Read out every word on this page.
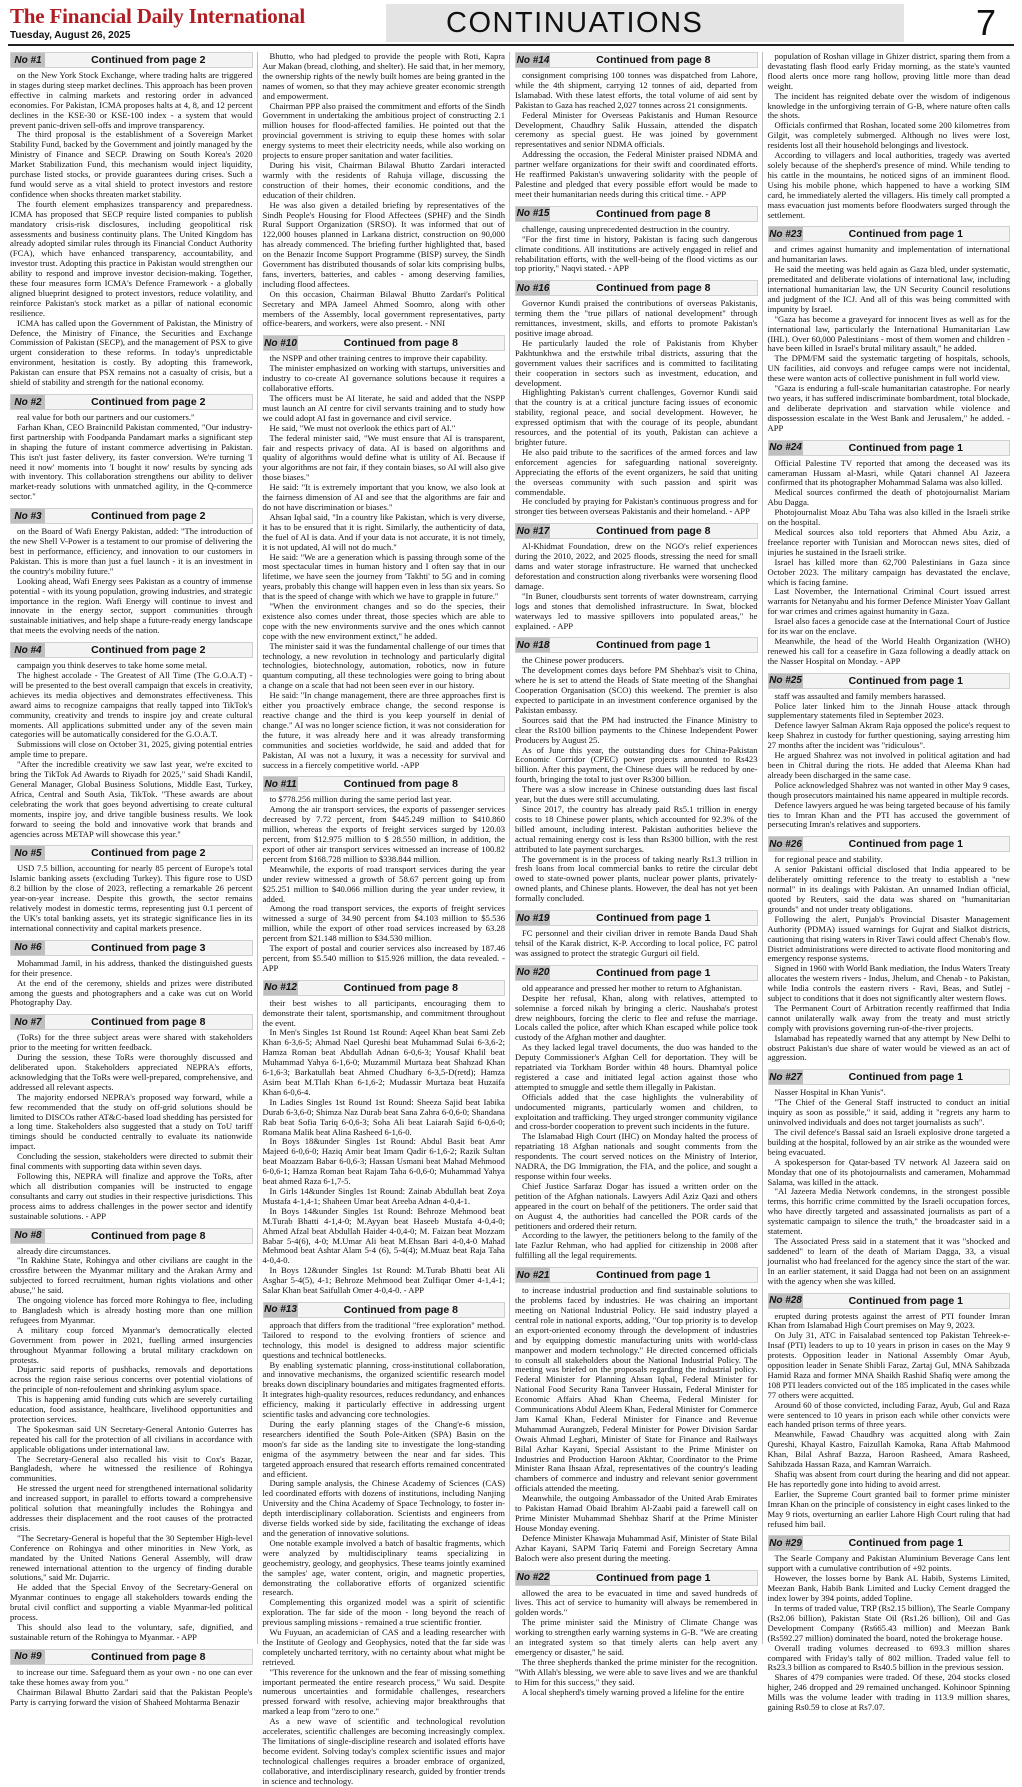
The Financial Daily International
Tuesday, August 26, 2025	CONTINUATIONS	7
No #1	Continued from page 2

on the New York Stock Exchange, where trading halts are triggered in stages during steep market declines. This approach has been proven effective in calming markets and restoring order in advanced economies. For Pakistan, ICMA proposes halts at 4, 8, and 12 percent declines in the KSE-30 or KSE-100 index - a system that would prevent panic-driven sell-offs and improve transparency.

The third proposal is the establishment of a Sovereign Market Stability Fund, backed by the Government and jointly managed by the Ministry of Finance and SECP. Drawing on South Korea's 2020 Market Stabilization Fund, this mechanism would inject liquidity, purchase listed stocks, or provide guarantees during crises. Such a fund would serve as a vital shield to protect investors and restore confidence when shocks threaten market stability.

The fourth element emphasizes transparency and preparedness. ICMA has proposed that SECP require listed companies to publish mandatory crisis-risk disclosures, including geopolitical risk assessments and business continuity plans. The United Kingdom has already adopted similar rules through its Financial Conduct Authority (FCA), which have enhanced transparency, accountability, and investor trust. Adopting this practice in Pakistan would strengthen our ability to respond and improve investor decision-making. Together, these four measures form ICMA's Defence Framework - a globally aligned blueprint designed to protect investors, reduce volatility, and reinforce Pakistan's stock market as a pillar of national economic resilience.

ICMA has called upon the Government of Pakistan, the Ministry of Defence, the Ministry of Finance, the Securities and Exchange Commission of Pakistan (SECP), and the management of PSX to give urgent consideration to these reforms. In today's unpredictable environment, hesitation is costly. By adopting this framework, Pakistan can ensure that PSX remains not a casualty of crisis, but a shield of stability and strength for the national economy.

No #2	Continued from page 2

real value for both our partners and our customers."

Farhan Khan, CEO Braincnild Pakistan commented, "Our industry-first partnership with Foodpanda Pandamart marks a significant step in shaping the future of instant commerce advertising in Pakistan. This isn't just faster delivery, its faster conversion. We're turning 'I need it now' moments into 'I bought it now' results by syncing ads with inventory. This collaboration strengthens our ability to deliver market-ready solutions with unmatched agility, in the Q-commerce sector."

No #3	Continued from page 2

on the Board of Wafi Energy Pakistan, added: "The introduction of the new Shell V-Power is a testament to our promise of delivering the best in performance, efficiency, and innovation to our customers in Pakistan. This is more than just a fuel launch - it is an investment in the country's mobility future."

Looking ahead, Wafi Energy sees Pakistan as a country of immense potential - with its young population, growing industries, and strategic importance in the region. Wafi Energy will continue to invest and innovate in the energy sector, support communities through sustainable initiatives, and help shape a future-ready energy landscape that meets the evolving needs of the nation.

No #4	Continued from page 2

campaign you think deserves to take home some metal.

The highest accolade - The Greatest of All Time (The G.O.A.T) - will be presented to the best overall campaign that excels in creativity, achieves its media objectives and demonstrates effectiveness. This award aims to recognize campaigns that really tapped into TikTok's community, creativity and trends to inspire joy and create cultural moments. All applications submitted under any of the seven main categories will be automatically considered for the G.O.A.T.

Submissions will close on October 31, 2025, giving potential entries ample time to prepare.

"After the incredible creativity we saw last year, we're excited to bring the TikTok Ad Awards to Riyadh for 2025," said Shadi Kandil, General Manager, Global Business Solutions, Middle East, Turkey, Africa, Central and South Asia, TikTok. "These awards are about celebrating the work that goes beyond advertising to create cultural moments, inspire joy, and drive tangible business results. We look forward to seeing the bold and innovative work that brands and agencies across METAP will showcase this year."

No #5	Continued from page 2

USD 7.5 billion, accounting for nearly 85 percent of Europe's total Islamic banking assets (excluding Turkey). This figure rose to USD 8.2 billion by the close of 2023, reflecting a remarkable 26 percent year-on-year increase. Despite this growth, the sector remains relatively modest in domestic terms, representing just 0.1 percent of the UK's total banking assets, yet its strategic significance lies in its international connectivity and capital markets presence.

No #6	Continued from page 3

Mohammad Jamil, in his address, thanked the distinguished guests for their presence.

At the end of the ceremony, shields and prizes were distributed among the guests and photographers and a cake was cut on World Photography Day.

No #7	Continued from page 8

(ToRs) for the three subject areas were shared with stakeholders prior to the meeting for written feedback.

During the session, these ToRs were thoroughly discussed and deliberated upon. Stakeholders appreciated NEPRA's efforts, acknowledging that the ToRs were well-prepared, comprehensive, and addressed all relevant aspects.

The majority endorsed NEPRA's proposed way forward, while a few recommended that the study on off-grid solutions should be limited to DISCOs rather AT&C-based load shedding has persisted for a long time. Stakeholders also suggested that a study on ToU tariff timings should be conducted centrally to evaluate its nationwide impact.

Concluding the session, stakeholders were directed to submit their final comments with supporting data within seven days.

Following this, NEPRA will finalize and approve the ToRs, after which all distribution companies will be instructed to engage consultants and carry out studies in their respective jurisdictions. This process aims to address challenges in the power sector and identify sustainable solutions. - APP

No #8	Continued from page 8

already dire circumstances.

"In Rakhine State, Rohingya and other civilians are caught in the crossfire between the Myanmar military and the Arakan Army and subjected to forced recruitment, human rights violations and other abuse," he said.

The ongoing violence has forced more Rohingya to flee, including to Bangladesh which is already hosting more than one million refugees from Myanmar.

A military coup forced Myanmar's democratically elected Government from power in 2021, fuelling armed insurgencies throughout Myanmar following a brutal military crackdown on protests.

Dujarric said reports of pushbacks, removals and deportations across the region raise serious concerns over potential violations of the principle of non-refoulement and shrinking asylum space.

This is happening amid funding cuts which are severely curtailing education, food assistance, healthcare, livelihood opportunities and protection services.

The Spokesman said UN Secretary-General Antonio Guterres has repeated his call for the protection of all civilians in accordance with applicable obligations under international law.

The Secretary-General also recalled his visit to Cox's Bazar, Bangladesh, where he witnessed the resilience of Rohingya communities.

He stressed the urgent need for strengthened international solidarity and increased support, in parallel to efforts toward a comprehensive political solution that meaningfully includes the Rohingya and addresses their displacement and the root causes of the protracted crisis.

"The Secretary-General is hopeful that the 30 September High-level Conference on Rohingya and other minorities in New York, as mandated by the United Nations General Assembly, will draw renewed international attention to the urgency of finding durable solutions," said Mr. Dujarric.

He added that the Special Envoy of the Secretary-General on Myanmar continues to engage all stakeholders towards ending the brutal civil conflict and supporting a viable Myanmar-led political process.

This should also lead to the voluntary, safe, dignified, and sustainable return of the Rohingya to Myanmar. - APP

No #9	Continued from page 8

to increase our time. Safeguard them as your own - no one can ever take these homes away from you."

Chairman Bilawal Bhutto Zardari said that the Pakistan People's Party is carrying forward the vision of Shaheed Mohtarma Benazir

Bhutto, who had pledged to provide the people with Roti, Kapra Aur Makan (bread, clothing, and shelter). He said that, in her memory, the ownership rights of the newly built homes are being granted in the names of women, so that they may achieve greater economic strength and empowerment.

Chairman PPP also praised the commitment and efforts of the Sindh Government in undertaking the ambitious project of constructing 2.1 million houses for flood-affected families. He pointed out that the provincial government is striving to equip these homes with solar energy systems to meet their electricity needs, while also working on projects to ensure proper sanitation and water facilities.

During his visit, Chairman Bilawal Bhutto Zardari interacted warmly with the residents of Rahuja village, discussing the construction of their homes, their economic conditions, and the education of their children.

He was also given a detailed briefing by representatives of the Sindh People's Housing for Flood Affectees (SPHF) and the Sindh Rural Support Organization (SRSO). It was informed that out of 122,000 houses planned in Larkana district, construction on 90,000 has already commenced. The briefing further highlighted that, based on the Benazir Income Support Programme (BISP) survey, the Sindh Government has distributed thousands of solar kits comprising bulbs, fans, inverters, batteries, and cables - among deserving families, including flood affectees.

On this occasion, Chairman Bilawal Bhutto Zardari's Political Secretary and MPA Jameel Ahmed Soomro, along with other members of the Assembly, local government representatives, party office-bearers, and workers, were also present. - NNI

No #10	Continued from page 8

the NSPP and other training centres to improve their capability.

The minister emphasized on working with startups, universities and industry to co-create AI governance solutions because it requires a collaborative efforts.

The officers must be AI literate, he said and added that the NSPP must launch an AI centre for civil servants training and to study how we could adopt AI fast in governance and civil service.

He said, "We must not overlook the ethics part of AI."

The federal minister said, "We must ensure that AI is transparent, fair and respects privacy of data. AI is based on algorithms and quality of algorithms would define what is utility of AI. Because if your algorithms are not fair, if they contain biases, so AI will also give those biases."

He said: "It is extremely important that you know, we also look at the fairness dimension of AI and see that the algorithms are fair and do not have discrimination or biases."

Ahsan Iqbal said, "In a country like Pakistan, which is very diverse, it has to be ensured that it is right. Similarly, the authenticity of data, the fuel of AI is data. And if your data is not accurate, it is not timely, it is not updated, AI will not do much."

He said: "We are a generation which is passing through some of the most spectacular times in human history and I often say that in our lifetime, we have seen the journey from 'Takhti' to 5G and in coming years, probably this change will happen even in less than six years. So that is the speed of change with which we have to grapple in future."

"When the environment changes and so do the species, their existence also comes under threat, those species which are able to cope with the new environments survive and the ones which cannot cope with the new environment extinct," he added.

The minister said it was the fundamental challenge of our times that technology, a new revolution in technology and particularly digital technologies, biotechnology, automation, robotics, now in future quantum computing, all these technologies were going to bring about a change on a scale that had not been seen ever in our history.

He said: "In change management, there are three approaches first is either you proactively embrace change, the second response is reactive change and the third is you keep yourself in denial of change." AI was no longer science fiction, it was not consideration for the future, it was already here and it was already transforming communities and societies worldwide, he said and added that for Pakistan, AI was not a luxury, it was a necessity for survival and success in a fiercely competitive world. -APP

No #11	Continued from page 8

to $778.256 million during the same period last year.

Among the air transport services, the exports of passenger services decreased by 7.72 percent, from $445.249 million to $410.860 million, whereas the exports of freight services surged by 120.03 percent, from $12.975 million to $ 28.550 million, in addition, the export of other air transport services witnessed an increase of 100.82 percent from $168.728 million to $338.844 million.

Meanwhile, the exports of road transport services during the year under review witnessed a growth of 58.67 percent going up from $25.251 million to $40.066 million during the year under review, it added.

Among the road transport services, the exports of freight services witnessed a surge of 34.90 percent from $4.103 million to $5.536 million, while the export of other road services increased by 63.28 percent from $21.148 million to $34.530 million.

The export of postal and courier services also increased by 187.46 percent, from $5.540 million to $15.926 million, the data revealed. - APP

No #12	Continued from page 8

their best wishes to all participants, encouraging them to demonstrate their talent, sportsmanship, and commitment throughout the event.

In Men's Singles 1st Round 1st Round: Aqeel Khan beat Sami Zeb Khan 6-3,6-5; Ahmad Nael Qureshi beat Muhammad Sulai 6-3,6-2; Hamza Roman beat Abdullah Adnan 6-0,6-3; Yousaf Khalil beat Muhammad Yahya 6-1,6-0; Muzammil Murtaza beat Shahzad Khan 6-1,6-3; Barkatullah beat Ahmed Chudhary 6-3,5-D(retd); Hamza Asim beat M.Tlah Khan 6-1,6-2; Mudassir Murtaza beat Huzaifa Khan 6-0,6-4.

In Ladies Singles 1st Round 1st Round: Sheeza Sajid beat Iabika Durab 6-3,6-0; Shimza Naz Durab beat Sana Zahra 6-0,6-0; Shandana Rab beat Sofia Tariq 6-0,6-3; Soha Ali beat Laiarah Sajid 6-0,6-0; Romana Malik beat Alina Rasheed 6-1,6-0.

In Boys 18&under Singles 1st Round: Abdul Basit beat Amr Majeed 6-0,6-0; Haziq Amir beat Imam Qadir 6-1,6-2; Razik Sultan beat Moazzam Babar 6-0,6-3; Hassan Usmani beat Mahad Mehmood 6-0,6-1; Hamza Roman beat Rajam Taha 6-0,6-0; Muhammad Yahya beat ahmed Raza 6-1,7-5.

In Girls 14&under Singles 1st Round: Zainab Abdullah beat Zoya Mustafa 4-1,4-1; Shaheen Umar beat Areeba Adnan 4-0,4-1.

In Boys 14&under Singles 1st Round: Behroze Mehmood beat M.Turab Bhatti 4-1,4-0; M.Ayyan beat Haseeb Mustafa 4-0,4-0; Ahmed Afzal beat Abdullah Haider 4-0,4-0; M. Faizan beat Mozzam Babar 5-4(6), 4-0; M.Umar Ali beat M.Ehsan Bari 4-0,4-0 Mahad Mehmood beat Ashtar Alam 5-4 (6), 5-4(4); M.Muaz beat Raja Taha 4-0,4-0.

In Boys 12&under Singles 1st Round: M.Turab Bhatti beat Ali Asghar 5-4(5), 4-1; Behroze Mehmood beat Zulfiqar Omer 4-1,4-1; Salar Khan beat Saifullah Omer 4-0,4-0. - APP

No #13	Continued from page 8

approach that differs from the traditional "free exploration" method. Tailored to respond to the evolving frontiers of science and technology, this model is designed to address major scientific questions and technical bottlenecks.

By enabling systematic planning, cross-institutional collaboration, and innovative mechanisms, the organized scientific research model breaks down disciplinary boundaries and mitigates fragmented efforts. It integrates high-quality resources, reduces redundancy, and enhances efficiency, making it particularly effective in addressing urgent scientific tasks and advancing core technologies.

During the early planning stages of the Chang'e-6 mission, researchers identified the South Pole-Aitken (SPA) Basin on the moon's far side as the landing site to investigate the long-standing enigma of the asymmetry between the near and far sides. This targeted approach ensured that research efforts remained concentrated and efficient.

During sample analysis, the Chinese Academy of Sciences (CAS) led coordinated efforts with dozens of institutions, including Nanjing University and the China Academy of Space Technology, to foster in-depth interdisciplinary collaboration. Scientists and engineers from diverse fields worked side by side, facilitating the exchange of ideas and the generation of innovative solutions.

One notable example involved a batch of basaltic fragments, which were analyzed by multidisciplinary teams specializing in geochemistry, geology, and geophysics. These teams jointly examined the samples' age, water content, origin, and magnetic properties, demonstrating the collaborative efforts of organized scientific research.

Complementing this organized model was a spirit of scientific exploration. The far side of the moon - long beyond the reach of previous sampling missions - remained a true scientific frontier.

Wu Fuyuan, an academician of CAS and a leading researcher with the Institute of Geology and Geophysics, noted that the far side was completely uncharted territory, with no certainty about what might be retrieved.

"This reverence for the unknown and the fear of missing something important permeated the entire research process," Wu said. Despite numerous uncertainties and formidable challenges, researchers pressed forward with resolve, achieving major breakthroughs that marked a leap from "zero to one."

As a new wave of scientific and technological revolution accelerates, scientific challenges are becoming increasingly complex. The limitations of single-discipline research and isolated efforts have become evident. Solving today's complex scientific issues and major technological challenges requires a broader embrace of organized, collaborative, and interdisciplinary research, guided by frontier trends in science and technology.

No #14	Continued from page 8

consignment comprising 100 tonnes was dispatched from Lahore, while the 4th shipment, carrying 12 tonnes of aid, departed from Islamabad. With these latest efforts, the total volume of aid sent by Pakistan to Gaza has reached 2,027 tonnes across 21 consignments.

Federal Minister for Overseas Pakistanis and Human Resource Development, Chaudhry Salik Hussain, attended the dispatch ceremony as special guest. He was joined by government representatives and senior NDMA officials.

Addressing the occasion, the Federal Minister praised NDMA and partner welfare organizations for their swift and coordinated efforts. He reaffirmed Pakistan's unwavering solidarity with the people of Palestine and pledged that every possible effort would be made to meet their humanitarian needs during this critical time. - APP

No #15	Continued from page 8

challenge, causing unprecedented destruction in the country.

"For the first time in history, Pakistan is facing such dangerous climate conditions. All institutions are actively engaged in relief and rehabilitation efforts, with the well-being of the flood victims as our top priority," Naqvi stated. - APP

No #16	Continued from page 8

Governor Kundi praised the contributions of overseas Pakistanis, terming them the "true pillars of national development" through remittances, investment, skills, and efforts to promote Pakistan's positive image abroad.

He particularly lauded the role of Pakistanis from Khyber Pakhtunkhwa and the erstwhile tribal districts, assuring that the government values their sacrifices and is committed to facilitating their cooperation in sectors such as investment, education, and development.

Highlighting Pakistan's current challenges, Governor Kundi said that the country is at a critical juncture facing issues of economic stability, regional peace, and social development. However, he expressed optimism that with the courage of its people, abundant resources, and the potential of its youth, Pakistan can achieve a brighter future.

He also paid tribute to the sacrifices of the armed forces and law enforcement agencies for safeguarding national sovereignty. Appreciating the efforts of the event organizers, he said that uniting the overseas community with such passion and spirit was commendable.

He concluded by praying for Pakistan's continuous progress and for stronger ties between overseas Pakistanis and their homeland. - APP

No #17	Continued from page 8

Al-Khidmat Foundation, drew on the NGO's relief experiences during the 2010, 2022, and 2025 floods, stressing the need for small dams and water storage infrastructure. He warned that unchecked deforestation and construction along riverbanks were worsening flood damage.

"In Buner, cloudbursts sent torrents of water downstream, carrying logs and stones that demolished infrastructure. In Swat, blocked waterways led to massive spillovers into populated areas," he explained. - APP

No #18	Continued from page 1

the Chinese power producers.

The development comes days before PM Shehbaz's visit to China, where he is set to attend the Heads of State meeting of the Shanghai Cooperation Organisation (SCO) this weekend. The premier is also expected to participate in an investment conference organised by the Pakistan embassy.

Sources said that the PM had instructed the Finance Ministry to clear the Rs100 billion payments to the Chinese Independent Power Producers by August 25.

As of June this year, the outstanding dues for China-Pakistan Economic Corridor (CPEC) power projects amounted to Rs423 billion. After this payment, the Chinese dues will be reduced by one-fourth, bringing the total to just over Rs300 billion.

There was a slow increase in Chinese outstanding dues last fiscal year, but the dues were still accumulating.

Since 2017, the country has already paid Rs5.1 trillion in energy costs to 18 Chinese power plants, which accounted for 92.3% of the billed amount, including interest. Pakistan authorities believe the actual remaining energy cost is less than Rs300 billion, with the rest attributed to late payment surcharges.

The government is in the process of taking nearly Rs1.3 trillion in fresh loans from local commercial banks to retire the circular debt owed to state-owned power plants, nuclear power plants, privately-owned plants, and Chinese plants. However, the deal has not yet been formally concluded.

No #19	Continued from page 1

FC personnel and their civilian driver in remote Banda Daud Shah tehsil of the Karak district, K-P. According to local police, FC patrol was assigned to protect the strategic Gurguri oil field.

No #20	Continued from page 1

old appearance and pressed her mother to return to Afghanistan.

Despite her refusal, Khan, along with relatives, attempted to solemnise a forced nikah by bringing a cleric. Naushaba's protest drew neighbours, forcing the cleric to flee and refuse the marriage. Locals called the police, after which Khan escaped while police took custody of the Afghan mother and daughter.

As they lacked legal travel documents, the duo was handed to the Deputy Commissioner's Afghan Cell for deportation. They will be repatriated via Torkham Border within 48 hours. Dhamtyal police registered a case and initiated legal action against those who attempted to smuggle and settle them illegally in Pakistan.

Officials added that the case highlights the vulnerability of undocumented migrants, particularly women and children, to exploitation and trafficking. They urged stronger community vigilance and cross-border cooperation to prevent such incidents in the future.

The Islamabad High Court (IHC) on Monday halted the process of repatriating 18 Afghan nationals and sought comments from the respondents. The court served notices on the Ministry of Interior, NADRA, the DG Immigration, the FIA, and the police, and sought a response within four weeks.

Chief Justice Sarfaraz Dogar has issued a written order on the petition of the Afghan nationals. Lawyers Adil Aziz Qazi and others appeared in the court on behalf of the petitioners. The order said that on August 4, the authorities had cancelled the POR cards of the petitioners and ordered their return.

According to the lawyer, the petitioners belong to the family of the late Fazlur Rehman, who had applied for citizenship in 2008 after fulfilling all the legal requirements.

No #21	Continued from page 1

to increase industrial production and find sustainable solutions to the problems faced by industries. He was chairing an important meeting on National Industrial Policy. He said industry played a central role in national exports, adding, "Our top priority is to develop an export-oriented economy through the development of industries and by equipping domestic manufacturing units with world-class manpower and modern technology." He directed concerned officials to consult all stakeholders about the National Industrial Policy. The meeting was briefed on the proposals regarding the industrial policy. Federal Minister for Planning Ahsan Iqbal, Federal Minister for National Food Security Rana Tanveer Hussain, Federal Minister for Economic Affairs Ahad Khan Cheema, Federal Minister for Communications Abdul Aleem Khan, Federal Minister for Commerce Jam Kamal Khan, Federal Minister for Finance and Revenue Muhammad Aurangzeb, Federal Minister for Power Division Sardar Owais Ahmad Leghari, Minister of State for Finance and Railways Bilal Azhar Kayani, Special Assistant to the Prime Minister on Industries and Production Haroon Akhtar, Coordinator to the Prime Minister Rana Ihsaan Afzal, representatives of the country's leading chambers of commerce and industry and relevant senior government officials attended the meeting.

Meanwhile, the outgoing Ambassador of the United Arab Emirates to Pakistan Hamad Obaid Ibrahim Al-Zaabi paid a farewell call on Prime Minister Muhammad Shehbaz Sharif at the Prime Minister House Monday evening.

Defence Minister Khawaja Muhammad Asif, Minister of State Bilal Azhar Kayani, SAPM Tariq Fatemi and Foreign Secretary Amna Baloch were also present during the meeting.

No #22	Continued from page 1

allowed the area to be evacuated in time and saved hundreds of lives. This act of service to humanity will always be remembered in golden words."

The prime minister said the Ministry of Climate Change was working to strengthen early warning systems in G-B. "We are creating an integrated system so that timely alerts can help avert any emergency or disaster," he said.

The three shepherds thanked the prime minister for the recognition. "With Allah's blessing, we were able to save lives and we are thankful to Him for this success," they said.

A local shepherd's timely warning proved a lifeline for the entire

population of Roshan village in Ghizer district, sparing them from a devastating flash flood early Friday morning, as the state's vaunted flood alerts once more rang hollow, proving little more than dead weight.

The incident has reignited debate over the wisdom of indigenous knowledge in the unforgiving terrain of G-B, where nature often calls the shots.

Officials confirmed that Roshan, located some 200 kilometres from Gilgit, was completely submerged. Although no lives were lost, residents lost all their household belongings and livestock.

According to villagers and local authorities, tragedy was averted solely because of the shepherd's presence of mind. While tending to his cattle in the mountains, he noticed signs of an imminent flood. Using his mobile phone, which happened to have a working SIM card, he immediately alerted the villagers. His timely call prompted a mass evacuation just moments before floodwaters surged through the settlement.

No #23	Continued from page 1

and crimes against humanity and implementation of international and humanitarian laws.

He said the meeting was held again as Gaza bled, under systematic, premeditated and deliberate violations of international law, including international humanitarian law, the UN Security Council resolutions and judgment of the ICJ. And all of this was being committed with impunity by Israel.

"Gaza has become a graveyard for innocent lives as well as for the international law, particularly the International Humanitarian Law (IHL). Over 60,000 Palestinians - most of them women and children - have been killed in Israel's brutal military assault," he added.

The DPM/FM said the systematic targeting of hospitals, schools, UN facilities, aid convoys and refugee camps were not incidental, these were wanton acts of collective punishment in full world view.

"Gaza is enduring a full-scale humanitarian catastrophe. For nearly two years, it has suffered indiscriminate bombardment, total blockade, and deliberate deprivation and starvation while violence and dispossession escalate in the West Bank and Jerusalem," he added. -APP

No #24	Continued from page 1

Official Palestine TV reported that among the deceased was its cameraman Hussam al-Masri, while Qatari channel Al Jazeera confirmed that its photographer Mohammad Salama was also killed.

Medical sources confirmed the death of photojournalist Mariam Abu Dagga.

Photojournalist Moaz Abu Taha was also killed in the Israeli strike on the hospital.

Medical sources also told reporters that Ahmed Abu Aziz, a freelance reporter with Tunisian and Moroccan news sites, died of injuries he sustained in the Israeli strike.

Israel has killed more than 62,700 Palestinians in Gaza since October 2023. The military campaign has devastated the enclave, which is facing famine.

Last November, the International Criminal Court issued arrest warrants for Netanyahu and his former Defence Minister Yoav Gallant for war crimes and crimes against humanity in Gaza.

Israel also faces a genocide case at the International Court of Justice for its war on the enclave.

Meanwhile, the head of the World Health Organization (WHO) renewed his call for a ceasefire in Gaza following a deadly attack on the Nasser Hospital on Monday. - APP

No #25	Continued from page 1

staff was assaulted and family members harassed.

Police later linked him to the Jinnah House attack through supplementary statements filed in September 2023.

Defence lawyer Salman Akram Raja opposed the police's request to keep Shahrez in custody for further questioning, saying arresting him 27 months after the incident was "ridiculous".

He argued Shahrez was not involved in political agitation and had been in Chitral during the riots. He added that Aleema Khan had already been discharged in the same case.

Police acknowledged Shahrez was not wanted in other May 9 cases, though prosecutors maintained his name appeared in multiple records.

Defence lawyers argued he was being targeted because of his family ties to Imran Khan and the PTI has accused the government of persecuting Imran's relatives and supporters.

No #26	Continued from page 1

for regional peace and stability.

A senior Pakistani official disclosed that India appeared to be deliberately omitting reference to the treaty to establish a "new normal" in its dealings with Pakistan. An unnamed Indian official, quoted by Reuters, said the data was shared on "humanitarian grounds" and not under treaty obligations.

Following the alert, Punjab's Provincial Disaster Management Authority (PDMA) issued warnings for Gujrat and Sialkot districts, cautioning that rising waters in River Tawi could affect Chenab's flow. District administrations were directed to activate flood monitoring and emergency response systems.

Signed in 1960 with World Bank mediation, the Indus Waters Treaty allocates the western rivers - Indus, Jhelum, and Chenab - to Pakistan, while India controls the eastern rivers - Ravi, Beas, and Sutlej - subject to conditions that it does not significantly alter western flows.

The Permanent Court of Arbitration recently reaffirmed that India cannot unilaterally walk away from the treaty and must strictly comply with provisions governing run-of-the-river projects.

Islamabad has repeatedly warned that any attempt by New Delhi to obstruct Pakistan's due share of water would be viewed as an act of aggression.

No #27	Continued from page 1

Nasser Hospital in Khan Yunis".

"The Chief of the General Staff instructed to conduct an initial inquiry as soon as possible," it said, adding it "regrets any harm to uninvolved individuals and does not target journalists as such".

The civil defence's Bassal said an Israeli explosive drone targeted a building at the hospital, followed by an air strike as the wounded were being evacuated.

A spokesperson for Qatar-based TV network Al Jazeera said on Monday that one of its photojournalists and cameramen, Mohammad Salama, was killed in the attack.

"Al Jazeera Media Network condemns, in the strongest possible terms, this horrific crime committed by the Israeli occupation forces, who have directly targeted and assassinated journalists as part of a systematic campaign to silence the truth," the broadcaster said in a statement.

The Associated Press said in a statement that it was "shocked and saddened" to learn of the death of Mariam Dagga, 33, a visual journalist who had freelanced for the agency since the start of the war. In an earlier statement, it said Dagga had not been on an assignment with the agency when she was killed.

No #28	Continued from page 1

erupted during protests against the arrest of PTI founder Imran Khan from Islamabad High Court premises on May 9, 2023.

On July 31, ATC in Faisalabad sentenced top Pakistan Tehreek-e-Insaf (PTI) leaders to up to 10 years in prison in cases on the May 9 protests. Opposition leader in National Assembly Omar Ayub, opposition leader in Senate Shibli Faraz, Zartaj Gul, MNA Sahibzada Hamid Raza and former MNA Shaikh Rashid Shafiq were among the 108 PTI leaders convicted out of the 185 implicated in the cases while 77 others were acquitted.

Around 60 of those convicted, including Faraz, Ayub, Gul and Raza were sentenced to 10 years in prison each while other convicts were each handed prison terms of three years.

Meanwhile, Fawad Chaudhry was acquitted along with Zain Qureshi, Khayal Kastro, Faizullah Kamoka, Rana Aftab Mahmood Khan, Bilal Ashraf Bazza, Haroon Rasheed, Amara Rasheed, Sahibzada Hassan Raza, and Kamran Warraich.

Shafiq was absent from court during the hearing and did not appear. He has reportedly gone into hiding to avoid arrest.

Earlier, the Supreme Court granted bail to former prime minister Imran Khan on the principle of consistency in eight cases linked to the May 9 riots, overturning an earlier Lahore High Court ruling that had refused him bail.

No #29	Continued from page 1

The Searle Company and Pakistan Aluminium Beverage Cans lent support with a cumulative contribution of +92 points.

However, the losses borne by Bank AL Habib, Systems Limited, Meezan Bank, Habib Bank Limited and Lucky Cement dragged the index lower by 394 points, added Topline.

In terms of traded value, TRP (Rs2.15 billion), The Searle Company (Rs2.06 billion), Pakistan State Oil (Rs1.26 billion), Oil and Gas Development Company (Rs665.43 million) and Meezan Bank (Rs592.27 million) dominated the board, noted the brokerage house.

Overall trading volumes decreased to 693.3 million shares compared with Friday's tally of 802 million. Traded value fell to Rs23.3 billion as compared to Rs40.5 billion in the previous session.

Shares of 479 companies were traded. Of these, 204 stocks closed higher, 246 dropped and 29 remained unchanged. Kohinoor Spinning Mills was the volume leader with trading in 113.9 million shares, gaining Rs0.59 to close at Rs7.07.
